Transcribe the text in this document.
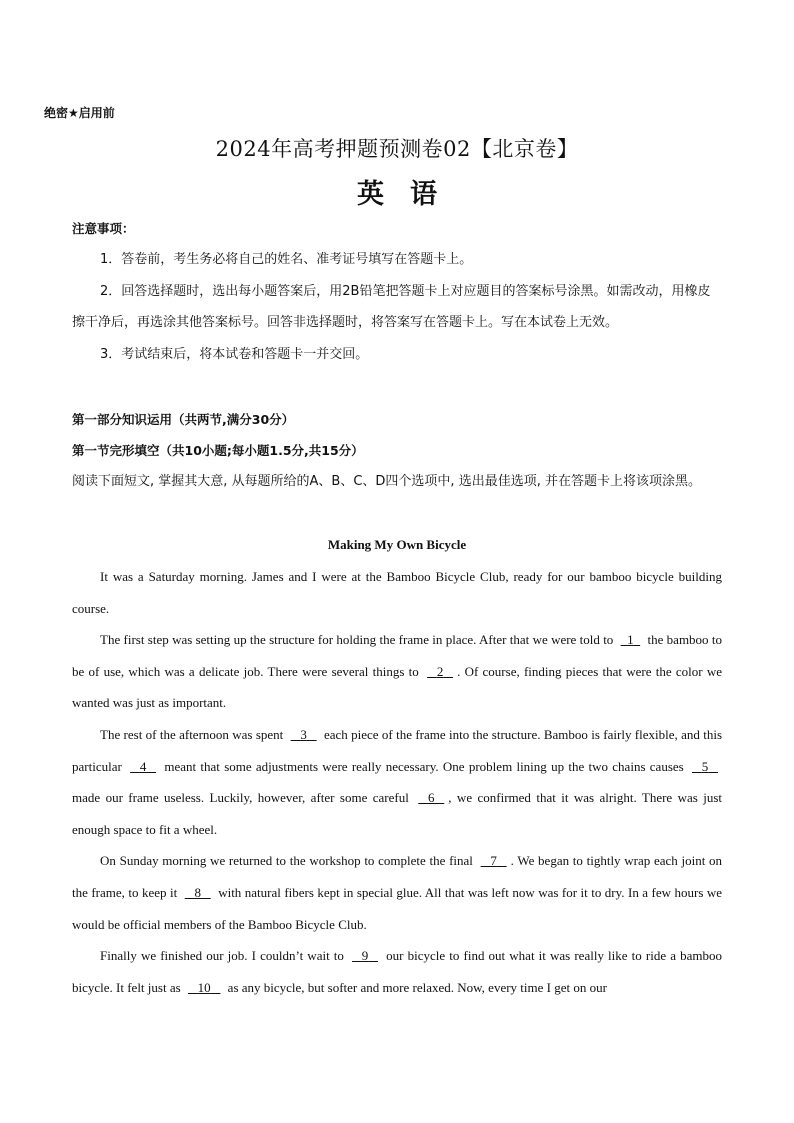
绝密★启用前
2024年高考押题预测卷02【北京卷】
英语
注意事项：
1．答卷前，考生务必将自己的姓名、准考证号填写在答题卡上。
2．回答选择题时，选出每小题答案后，用2B铅笔把答题卡上对应题目的答案标号涂黑。如需改动，用橡皮擦干净后，再选涂其他答案标号。回答非选择题时，将答案写在答题卡上。写在本试卷上无效。
3．考试结束后，将本试卷和答题卡一并交回。
第一部分知识运用（共两节,满分30分）
第一节完形填空（共10小题;每小题1.5分,共15分）
阅读下面短文, 掌握其大意, 从每题所给的A、B、C、D四个选项中, 选出最佳选项, 并在答题卡上将该项涂黑。
Making My Own Bicycle

It was a Saturday morning. James and I were at the Bamboo Bicycle Club, ready for our bamboo bicycle building course.

The first step was setting up the structure for holding the frame in place. After that we were told to 1 the bamboo to be of use, which was a delicate job. There were several things to 2 . Of course, finding pieces that were the color we wanted was just as important.

The rest of the afternoon was spent 3 each piece of the frame into the structure. Bamboo is fairly flexible, and this particular 4 meant that some adjustments were really necessary. One problem lining up the two chains causes 5    made our frame useless. Luckily, however, after some careful 6 , we confirmed that it was alright. There was just enough space to fit a wheel.

On Sunday morning we returned to the workshop to complete the final 7 . We began to tightly wrap each joint on the frame, to keep it 8 with natural fibers kept in special glue. All that was left now was for it to dry. In a few hours we would be official members of the Bamboo Bicycle Club.

Finally we finished our job. I couldn’t wait to 9 our bicycle to find out what it was really like to ride a bamboo bicycle. It felt just as 10 as any bicycle, but softer and more relaxed. Now, every time I get on our
